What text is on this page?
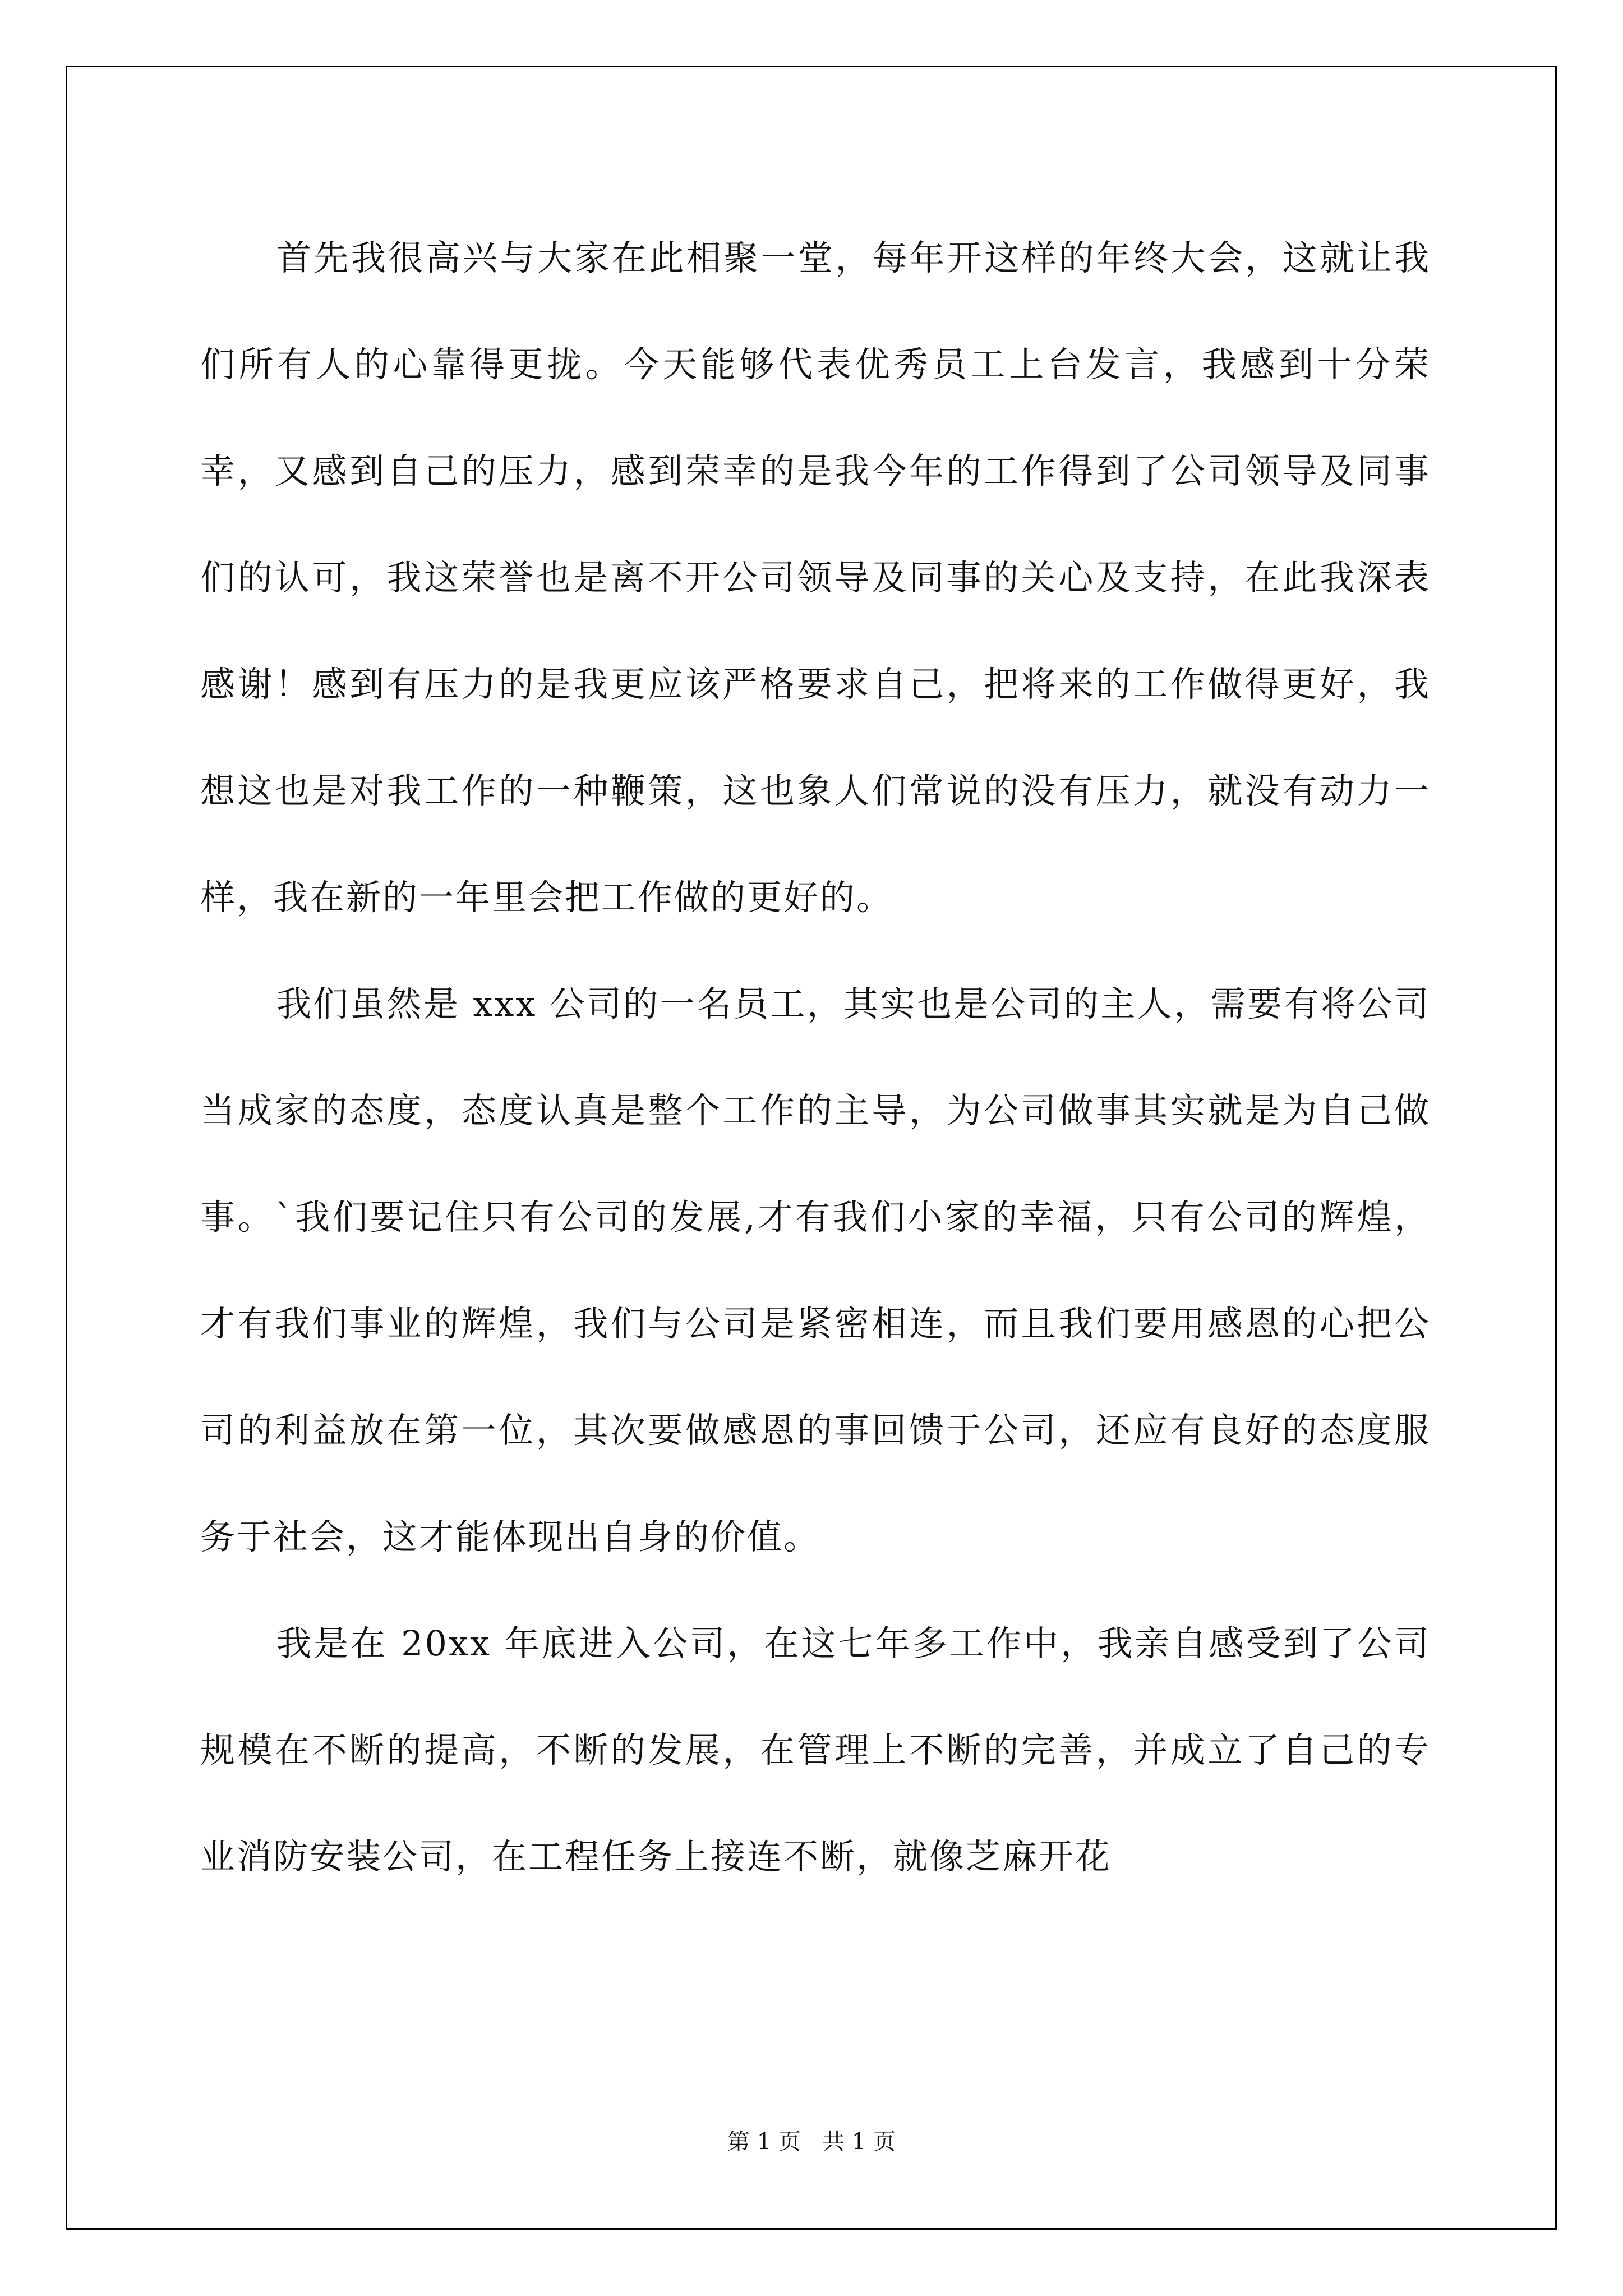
首先我很高兴与大家在此相聚一堂，每年开这样的年终大会，这就让我们所有人的心靠得更拢。今天能够代表优秀员工上台发言，我感到十分荣幸，又感到自己的压力，感到荣幸的是我今年的工作得到了公司领导及同事们的认可，我这荣誉也是离不开公司领导及同事的关心及支持，在此我深表感谢！感到有压力的是我更应该严格要求自己，把将来的工作做得更好，我想这也是对我工作的一种鞭策，这也象人们常说的没有压力，就没有动力一样，我在新的一年里会把工作做的更好的。

我们虽然是 xxx 公司的一名员工，其实也是公司的主人，需要有将公司当成家的态度，态度认真是整个工作的主导，为公司做事其实就是为自己做事。`我们要记住只有公司的发展,才有我们小家的幸福，只有公司的辉煌，才有我们事业的辉煌，我们与公司是紧密相连，而且我们要用感恩的心把公司的利益放在第一位，其次要做感恩的事回馈于公司，还应有良好的态度服务于社会，这才能体现出自身的价值。

我是在 20xx 年底进入公司，在这七年多工作中，我亲自感受到了公司规模在不断的提高，不断的发展，在管理上不断的完善，并成立了自己的专业消防安装公司，在工程任务上接连不断，就像芝麻开花

第 1 页   共 1 页
